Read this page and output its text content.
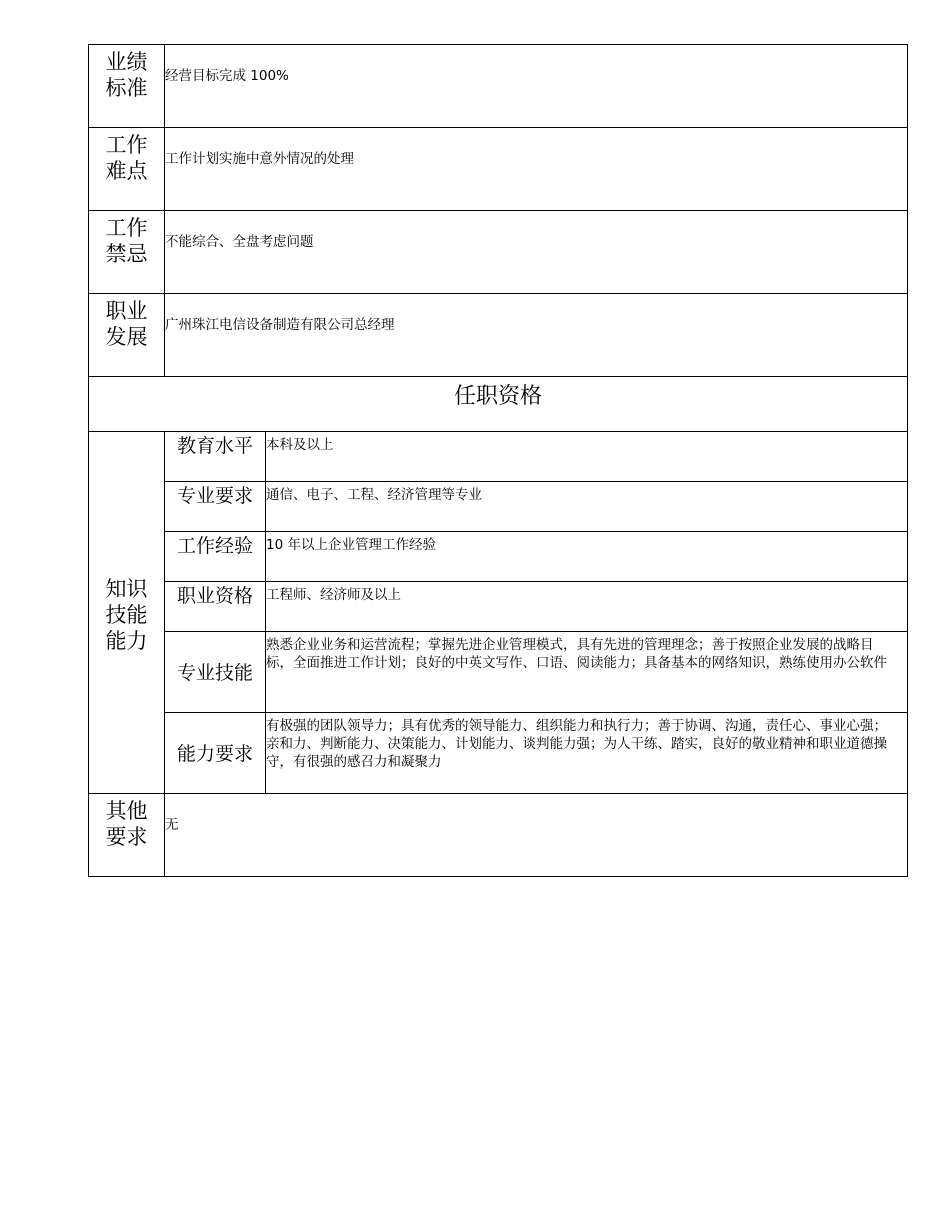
业绩
标准	经营目标完成 100%	

工作
难点	工作计划实施中意外情况的处理	

工作
禁忌	不能综合、全盘考虑问题	

职业
发展	广州珠江电信设备制造有限公司总经理	
任职资格		

知识
技能
能力	教育水平	本科及以上
	专业要求	通信、电子、工程、经济管理等专业
	工作经验	10 年以上企业管理工作经验
	职业资格	工程师、经济师及以上
	专业技能	熟悉企业业务和运营流程；掌握先进企业管理模式，具有先进的管理理念；善于按照企业发展的战略目标，全面推进工作计划；良好的中英文写作、口语、阅读能力；具备基本的网络知识，熟练使用办公软件
	能力要求	有极强的团队领导力；具有优秀的领导能力、组织能力和执行力；善于协调、沟通，责任心、事业心强；亲和力、判断能力、决策能力、计划能力、谈判能力强；为人干练、踏实，良好的敬业精神和职业道德操守，有很强的感召力和凝聚力

其他
要求	无	
